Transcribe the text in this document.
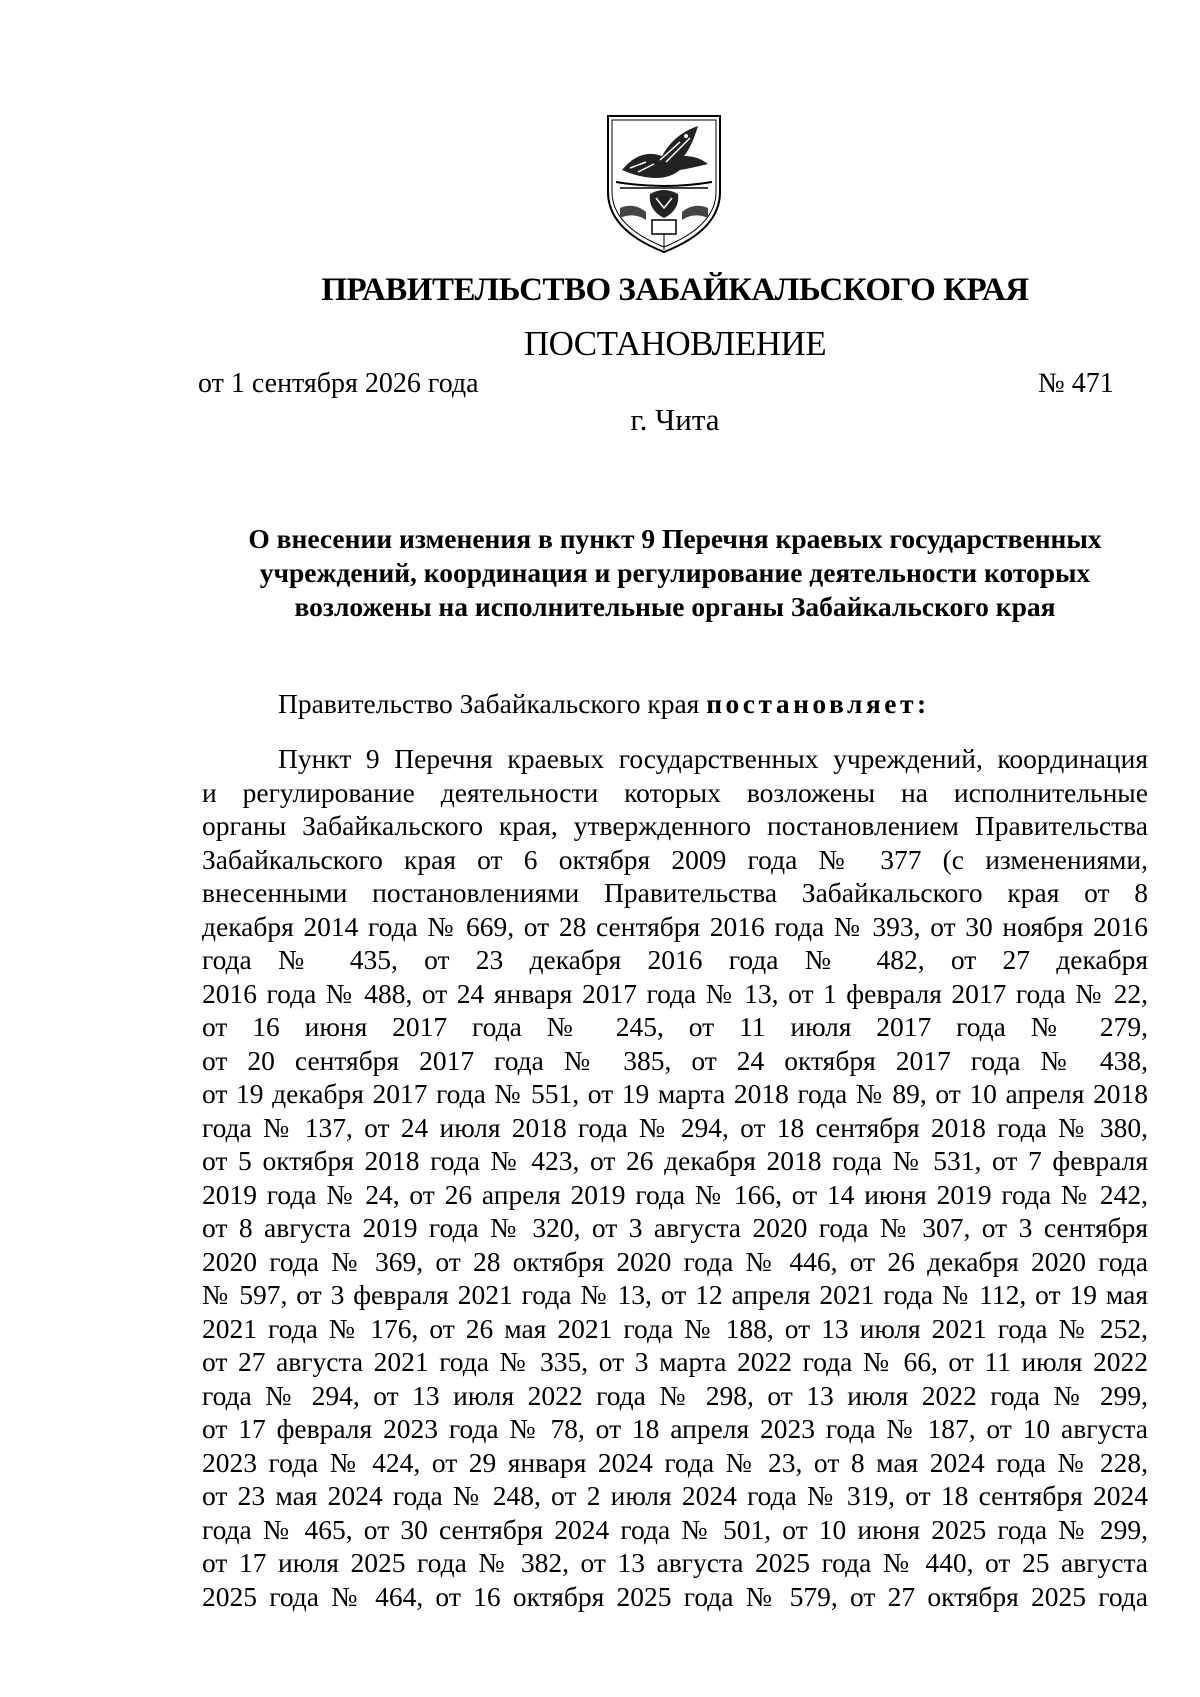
ПРАВИТЕЛЬСТВО ЗАБАЙКАЛЬСКОГО КРАЯ
ПОСТАНОВЛЕНИЕ
от 1 сентября 2026 года	№ 471
г. Чита
О внесении изменения в пункт 9 Перечня краевых государственных
учреждений, координация и регулирование деятельности которых
возложены на исполнительные органы Забайкальского края
Правительство Забайкальского края постановляет:
Пункт 9 Перечня краевых государственных учреждений, координация
и регулирование деятельности которых возложены на исполнительные
органы Забайкальского края, утвержденного постановлением Правительства
Забайкальского края от 6 октября 2009 года № 377 (с изменениями,
внесенными постановлениями Правительства Забайкальского края от 8
декабря 2014 года № 669, от 28 сентября 2016 года № 393, от 30 ноября 2016
года № 435, от 23 декабря 2016 года № 482, от 27 декабря
2016 года № 488, от 24 января 2017 года № 13, от 1 февраля 2017 года № 22,
от 16 июня 2017 года № 245, от 11 июля 2017 года № 279,
от 20 сентября 2017 года № 385, от 24 октября 2017 года № 438,
от 19 декабря 2017 года № 551, от 19 марта 2018 года № 89, от 10 апреля 2018
года № 137, от 24 июля 2018 года № 294, от 18 сентября 2018 года № 380,
от 5 октября 2018 года № 423, от 26 декабря 2018 года № 531, от 7 февраля
2019 года № 24, от 26 апреля 2019 года № 166, от 14 июня 2019 года № 242,
от 8 августа 2019 года № 320, от 3 августа 2020 года № 307, от 3 сентября
2020 года № 369, от 28 октября 2020 года № 446, от 26 декабря 2020 года
№ 597, от 3 февраля 2021 года № 13, от 12 апреля 2021 года № 112, от 19 мая
2021 года № 176, от 26 мая 2021 года № 188, от 13 июля 2021 года № 252,
от 27 августа 2021 года № 335, от 3 марта 2022 года № 66, от 11 июля 2022
года № 294, от 13 июля 2022 года № 298, от 13 июля 2022 года № 299,
от 17 февраля 2023 года № 78, от 18 апреля 2023 года № 187, от 10 августа
2023 года № 424, от 29 января 2024 года № 23, от 8 мая 2024 года № 228,
от 23 мая 2024 года № 248, от 2 июля 2024 года № 319, от 18 сентября 2024
года № 465, от 30 сентября 2024 года № 501, от 10 июня 2025 года № 299,
от 17 июля 2025 года № 382, от 13 августа 2025 года № 440, от 25 августа
2025 года № 464, от 16 октября 2025 года № 579, от 27 октября 2025 года
